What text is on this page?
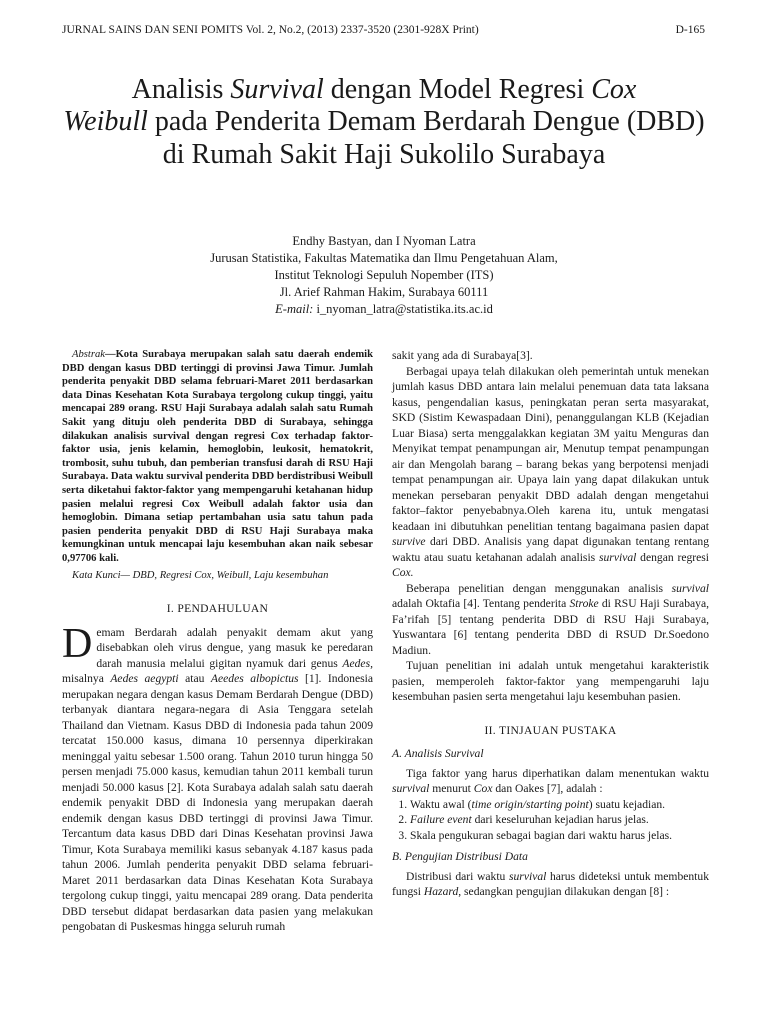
JURNAL SAINS DAN SENI POMITS Vol. 2, No.2, (2013) 2337-3520 (2301-928X Print)	D-165
Analisis Survival dengan Model Regresi Cox
Weibull pada Penderita Demam Berdarah Dengue (DBD) di Rumah Sakit Haji Sukolilo Surabaya
Endhy Bastyan, dan I Nyoman Latra
Jurusan Statistika, Fakultas Matematika dan Ilmu Pengetahuan Alam,
Institut Teknologi Sepuluh Nopember (ITS)
Jl. Arief Rahman Hakim, Surabaya 60111
E-mail: i_nyoman_latra@statistika.its.ac.id

Abstrak—Kota Surabaya merupakan salah satu daerah endemik DBD dengan kasus DBD tertinggi di provinsi Jawa Timur. Jumlah penderita penyakit DBD selama februari-Maret 2011 berdasarkan data Dinas Kesehatan Kota Surabaya tergolong cukup tinggi, yaitu mencapai 289 orang. RSU Haji Surabaya adalah salah satu Rumah Sakit yang dituju oleh penderita DBD di Surabaya, sehingga dilakukan analisis survival dengan regresi Cox terhadap faktor-faktor usia, jenis kelamin, hemoglobin, leukosit, hematokrit, trombosit, suhu tubuh, dan pemberian transfusi darah di RSU Haji Surabaya. Data waktu survival penderita DBD berdistribusi Weibull serta diketahui faktor-faktor yang mempengaruhi ketahanan hidup pasien melalui regresi Cox Weibull adalah faktor usia dan hemoglobin. Dimana setiap pertambahan usia satu tahun pada pasien penderita penyakit DBD di RSU Haji Surabaya maka kemungkinan untuk mencapai laju kesembuhan akan naik sebesar 0,97706 kali.

Kata Kunci— DBD, Regresi Cox, Weibull, Laju kesembuhan

I. PENDAHULUAN

Demam Berdarah adalah penyakit demam akut yang disebabkan oleh virus dengue, yang masuk ke peredaran darah manusia melalui gigitan nyamuk dari genus Aedes, misalnya Aedes aegypti atau Aeedes albopictus [1]. Indonesia merupakan negara dengan kasus Demam Berdarah Dengue (DBD) terbanyak diantara negara-negara di Asia Tenggara setelah Thailand dan Vietnam. Kasus DBD di Indonesia pada tahun 2009 tercatat 150.000 kasus, dimana 10 persennya diperkirakan meninggal yaitu sebesar 1.500 orang. Tahun 2010 turun hingga 50 persen menjadi 75.000 kasus, kemudian tahun 2011 kembali turun menjadi 50.000 kasus [2]. Kota Surabaya adalah salah satu daerah endemik penyakit DBD di Indonesia yang merupakan daerah endemik dengan kasus DBD tertinggi di provinsi Jawa Timur. Tercantum data kasus DBD dari Dinas Kesehatan provinsi Jawa Timur, Kota Surabaya memiliki kasus sebanyak 4.187 kasus pada tahun 2006. Jumlah penderita penyakit DBD selama februari-Maret 2011 berdasarkan data Dinas Kesehatan Kota Surabaya tergolong cukup tinggi, yaitu mencapai 289 orang. Data penderita DBD tersebut didapat berdasarkan data pasien yang melakukan pengobatan di Puskesmas hingga seluruh rumah

sakit yang ada di Surabaya[3].

Berbagai upaya telah dilakukan oleh pemerintah untuk menekan jumlah kasus DBD antara lain melalui penemuan data tata laksana kasus, pengendalian kasus, peningkatan peran serta masyarakat, SKD (Sistim Kewaspadaan Dini), penanggulangan KLB (Kejadian Luar Biasa) serta menggalakkan kegiatan 3M yaitu Menguras dan Menyikat tempat penampungan air, Menutup tempat penampungan air dan Mengolah barang – barang bekas yang berpotensi menjadi tempat penampungan air. Upaya lain yang dapat dilakukan untuk menekan persebaran penyakit DBD adalah dengan mengetahui faktor–faktor penyebabnya.Oleh karena itu, untuk mengatasi keadaan ini dibutuhkan penelitian tentang bagaimana pasien dapat survive dari DBD. Analisis yang dapat digunakan tentang rentang waktu atau suatu ketahanan adalah analisis survival dengan regresi Cox.

Beberapa penelitian dengan menggunakan analisis survival adalah Oktafia [4]. Tentang penderita Stroke di RSU Haji Surabaya, Fa’rifah [5] tentang penderita DBD di RSU Haji Surabaya, Yuswantara [6] tentang penderita DBD di RSUD Dr.Soedono Madiun.

Tujuan penelitian ini adalah untuk mengetahui karakteristik pasien, memperoleh faktor-faktor yang mempengaruhi laju kesembuhan pasien serta mengetahui laju kesembuhan pasien.

II. TINJAUAN PUSTAKA
A. Analisis Survival

Tiga faktor yang harus diperhatikan dalam menentukan waktu survival menurut Cox dan Oakes [7], adalah :

1. Waktu awal (time origin/starting point) suatu kejadian.
2. Failure event dari keseluruhan kejadian harus jelas.
3. Skala pengukuran sebagai bagian dari waktu harus jelas.
B. Pengujian Distribusi Data

Distribusi dari waktu survival harus dideteksi untuk membentuk fungsi Hazard, sedangkan pengujian dilakukan dengan [8] :
